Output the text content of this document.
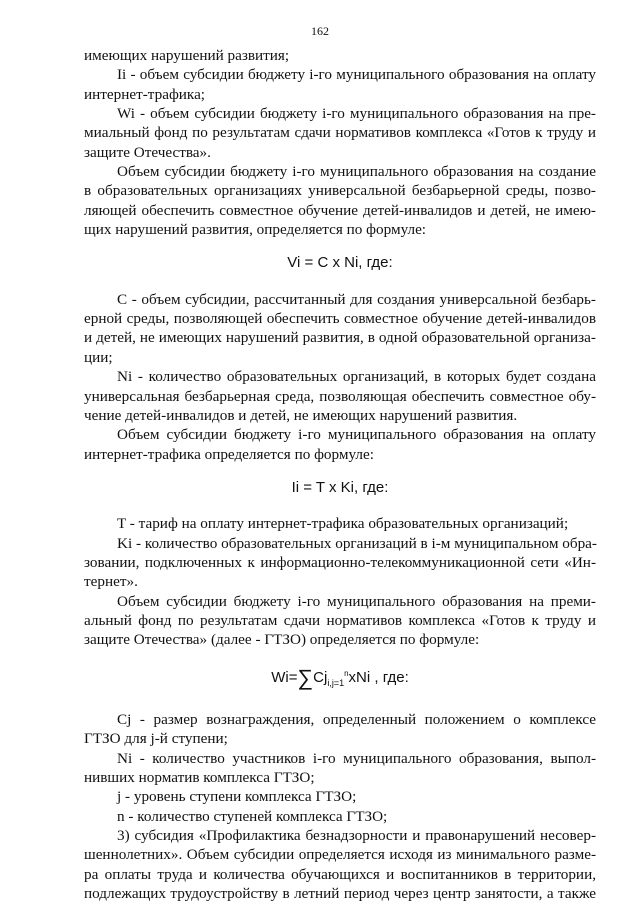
162
имеющих нарушений развития;
Ii - объем субсидии бюджету i-го муниципального образования на оплату
интернет-трафика;
Wi - объем субсидии бюджету i-го муниципального образования на пре-
миальный фонд по результатам сдачи нормативов комплекса «Готов к труду и
защите Отечества».
Объем субсидии бюджету i-го муниципального образования на создание
в образовательных организациях универсальной безбарьерной среды, позво-
ляющей обеспечить совместное обучение детей-инвалидов и детей, не имею-
щих нарушений развития, определяется по формуле:
Vi = C x Ni, где:
C - объем субсидии, рассчитанный для создания универсальной безбарь-
ерной среды, позволяющей обеспечить совместное обучение детей-инвалидов
и детей, не имеющих нарушений развития, в одной образовательной организа-
ции;
Ni - количество образовательных организаций, в которых будет создана
универсальная безбарьерная среда, позволяющая обеспечить совместное обу-
чение детей-инвалидов и детей, не имеющих нарушений развития.
Объем субсидии бюджету i-го муниципального образования на оплату
интернет-трафика определяется по формуле:
Ii = T x Ki, где:
T - тариф на оплату интернет-трафика образовательных организаций;
Ki - количество образовательных организаций в i-м муниципальном обра-
зовании, подключенных к информационно-телекоммуникационной сети «Ин-
тернет».
Объем субсидии бюджету i-го муниципального образования на преми-
альный фонд по результатам сдачи нормативов комплекса «Готов к труду и
защите Отечества» (далее - ГТЗО) определяется по формуле:
$Wi=\sum Cj_{i,j=1}^nxNi$ , где:
Cj - размер вознаграждения, определенный положением о комплексе
ГТЗО для j-й ступени;
Ni - количество участников i-го муниципального образования, выпол-
нивших норматив комплекса ГТЗО;
j - уровень ступени комплекса ГТЗО;
n - количество ступеней комплекса ГТЗО;
3) субсидия «Профилактика безнадзорности и правонарушений несовер-
шеннолетних». Объем субсидии определяется исходя из минимального разме-
ра оплаты труда и количества обучающихся и воспитанников в территории,
подлежащих трудоустройству в летний период через центр занятости, а также
